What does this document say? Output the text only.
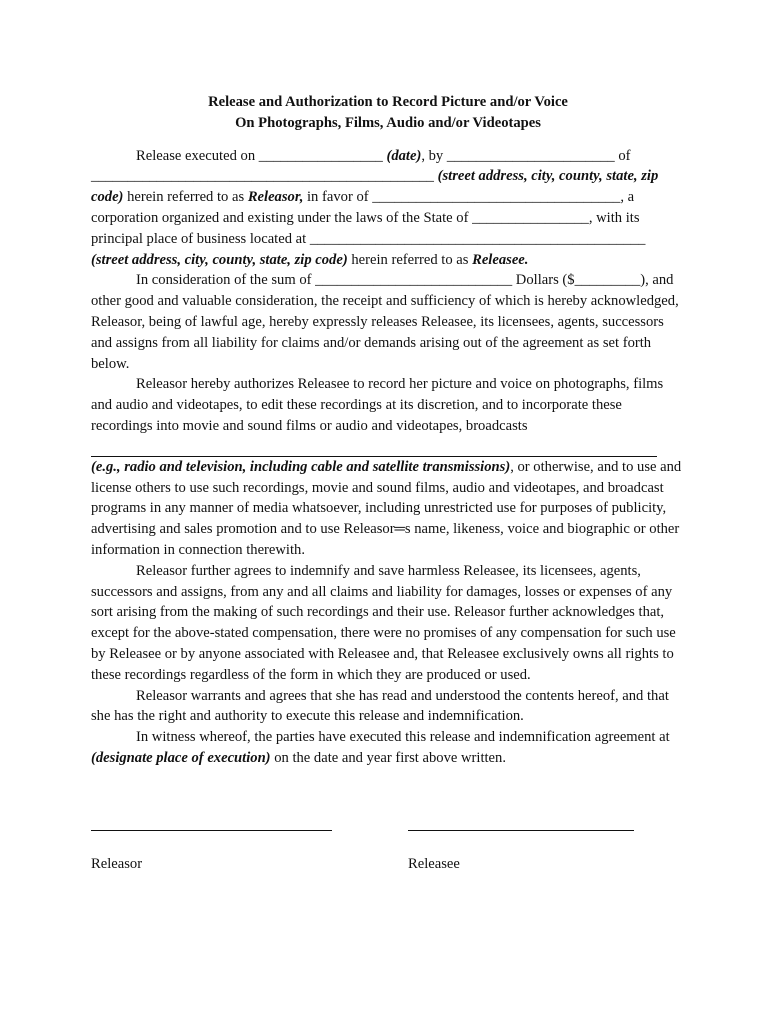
Release and Authorization to Record Picture and/or Voice
On Photographs, Films, Audio and/or Videotapes

Release executed on _________________ (date), by _______________________ of _______________________________________________ (street address, city, county, state, zip code) herein referred to as Releasor, in favor of __________________________________, a corporation organized and existing under the laws of the State of ________________, with its principal place of business located at ______________________________________________ (street address, city, county, state, zip code) herein referred to as Releasee.

In consideration of the sum of ___________________________ Dollars ($_________), and other good and valuable consideration, the receipt and sufficiency of which is hereby acknowledged, Releasor, being of lawful age, hereby expressly releases Releasee, its licensees, agents, successors and assigns from all liability for claims and/or demands arising out of the agreement as set forth below.

Releasor hereby authorizes Releasee to record her picture and voice on photographs, films and audio and videotapes, to edit these recordings at its discretion, and to incorporate these recordings into movie and sound films or audio and videotapes, broadcasts

(e.g., radio and television, including cable and satellite transmissions), or otherwise, and to use and license others to use such recordings, movie and sound films, audio and videotapes, and broadcast programs in any manner of media whatsoever, including unrestricted use for purposes of publicity, advertising and sales promotion and to use Releasor═s name, likeness, voice and biographic or other information in connection therewith.

Releasor further agrees to indemnify and save harmless Releasee, its licensees, agents, successors and assigns, from any and all claims and liability for damages, losses or expenses of any sort arising from the making of such recordings and their use. Releasor further acknowledges that, except for the above-stated compensation, there were no promises of any compensation for such use by Releasee or by anyone associated with Releasee and, that Releasee exclusively owns all rights to these recordings regardless of the form in which they are produced or used.

Releasor warrants and agrees that she has read and understood the contents hereof, and that she has the right and authority to execute this release and indemnification.

In witness whereof, the parties have executed this release and indemnification agreement at (designate place of execution) on the date and year first above written.

Releasor	Releasee
